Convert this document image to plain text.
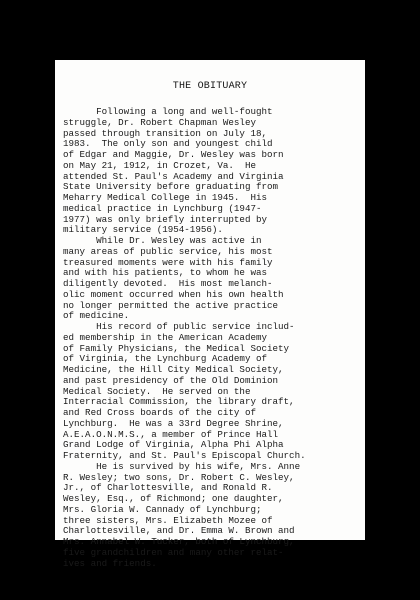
THE OBITUARY
Following a long and well-fought
struggle, Dr. Robert Chapman Wesley
passed through transition on July 18,
1983.  The only son and youngest child
of Edgar and Maggie, Dr. Wesley was born
on May 21, 1912, in Crozet, Va.  He
attended St. Paul's Academy and Virginia
State University before graduating from
Meharry Medical College in 1945.  His
medical practice in Lynchburg (1947-
1977) was only briefly interrupted by
military service (1954-1956).
While Dr. Wesley was active in
many areas of public service, his most
treasured moments were with his family
and with his patients, to whom he was
diligently devoted.  His most melanch-
olic moment occurred when his own health
no longer permitted the active practice
of medicine.
His record of public service includ-
ed membership in the American Academy
of Family Physicians, the Medical Society
of Virginia, the Lynchburg Academy of
Medicine, the Hill City Medical Society,
and past presidency of the Old Dominion
Medical Society.  He served on the
Interracial Commission, the library draft,
and Red Cross boards of the city of
Lynchburg.  He was a 33rd Degree Shrine,
A.E.A.O.N.M.S., a member of Prince Hall
Grand Lodge of Virginia, Alpha Phi Alpha
Fraternity, and St. Paul's Episcopal Church.
He is survived by his wife, Mrs. Anne
R. Wesley; two sons, Dr. Robert C. Wesley,
Jr., of Charlottesville, and Ronald R.
Wesley, Esq., of Richmond; one daughter,
Mrs. Gloria W. Cannady of Lynchburg;
three sisters, Mrs. Elizabeth Mozee of
Charlottesville, and Dr. Emma W. Brown and
Mrs. Annabel W. Tucker, both of Lynchburg,
five grandchildren and many other relat-
ives and friends.
